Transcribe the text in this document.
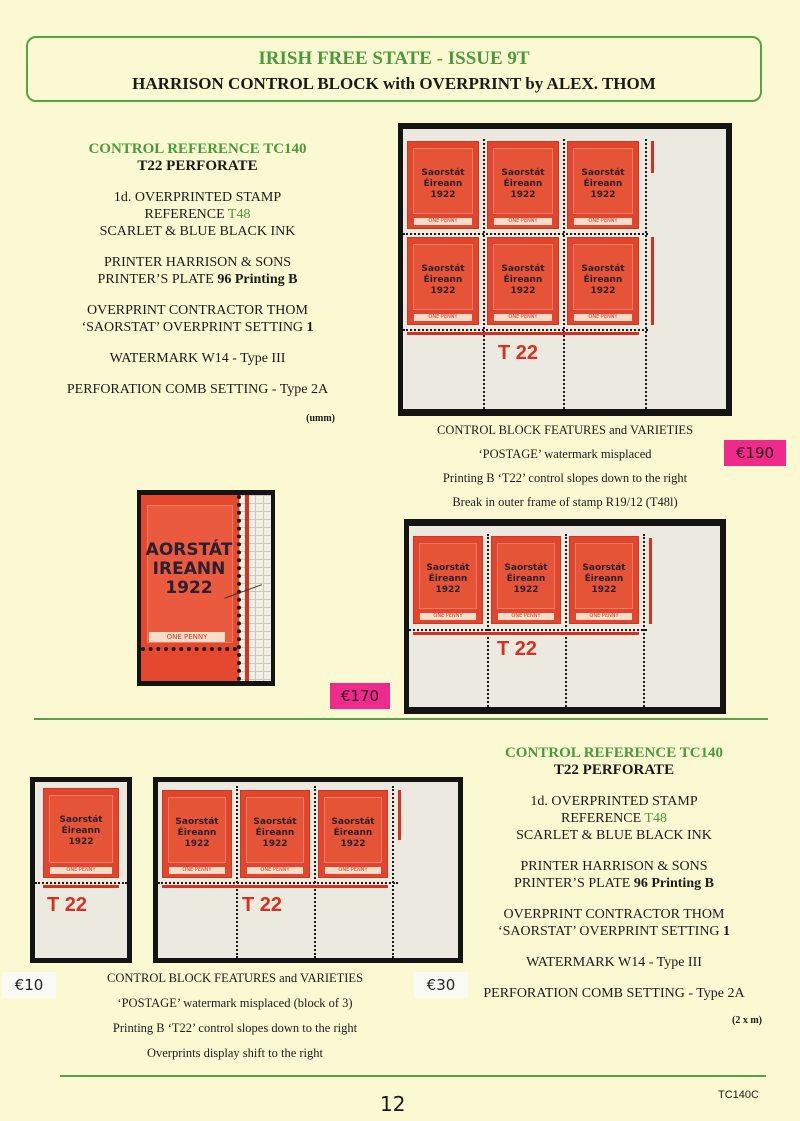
IRISH FREE STATE - ISSUE 9T
HARRISON CONTROL BLOCK with OVERPRINT by ALEX. THOM

CONTROL REFERENCE TC140

T22 PERFORATE

1d. OVERPRINTED STAMP

REFERENCE T48

SCARLET & BLUE BLACK INK

PRINTER HARRISON & SONS

PRINTER’S PLATE 96 Printing B

OVERPRINT CONTRACTOR THOM

‘SAORSTAT’ OVERPRINT SETTING 1

WATERMARK W14 - Type III

PERFORATION COMB SETTING - Type 2A

(umm)

Saorstát
Éireann
1922
ONE PENNY
Saorstát
Éireann
1922
ONE PENNY
Saorstát
Éireann
1922
ONE PENNY
Saorstát
Éireann
1922
ONE PENNY
Saorstát
Éireann
1922
ONE PENNY
Saorstát
Éireann
1922
ONE PENNY
T 22
CONTROL BLOCK FEATURES and VARIETIES
‘POSTAGE’ watermark misplaced
Printing B ‘T22’ control slopes down to the right
Break in outer frame of stamp R19/12 (T48l)
€190
AORSTÁT
IREANN
1922
ONE PENNY
Saorstát
Éireann
1922
ONE PENNY
Saorstát
Éireann
1922
ONE PENNY
Saorstát
Éireann
1922
ONE PENNY
T 22
€170
Saorstát
Éireann
1922
ONE PENNY
T 22
Saorstát
Éireann
1922
ONE PENNY
Saorstát
Éireann
1922
ONE PENNY
Saorstát
Éireann
1922
ONE PENNY
T 22
€10	€30
CONTROL BLOCK FEATURES and VARIETIES
‘POSTAGE’ watermark misplaced (block of 3)
Printing B ‘T22’ control slopes down to the right
Overprints display shift to the right

CONTROL REFERENCE TC140

T22 PERFORATE

1d. OVERPRINTED STAMP

REFERENCE T48

SCARLET & BLUE BLACK INK

PRINTER HARRISON & SONS

PRINTER’S PLATE 96 Printing B

OVERPRINT CONTRACTOR THOM

‘SAORSTAT’ OVERPRINT SETTING 1

WATERMARK W14 - Type III

PERFORATION COMB SETTING - Type 2A

(2 x m)

12	TC140C
